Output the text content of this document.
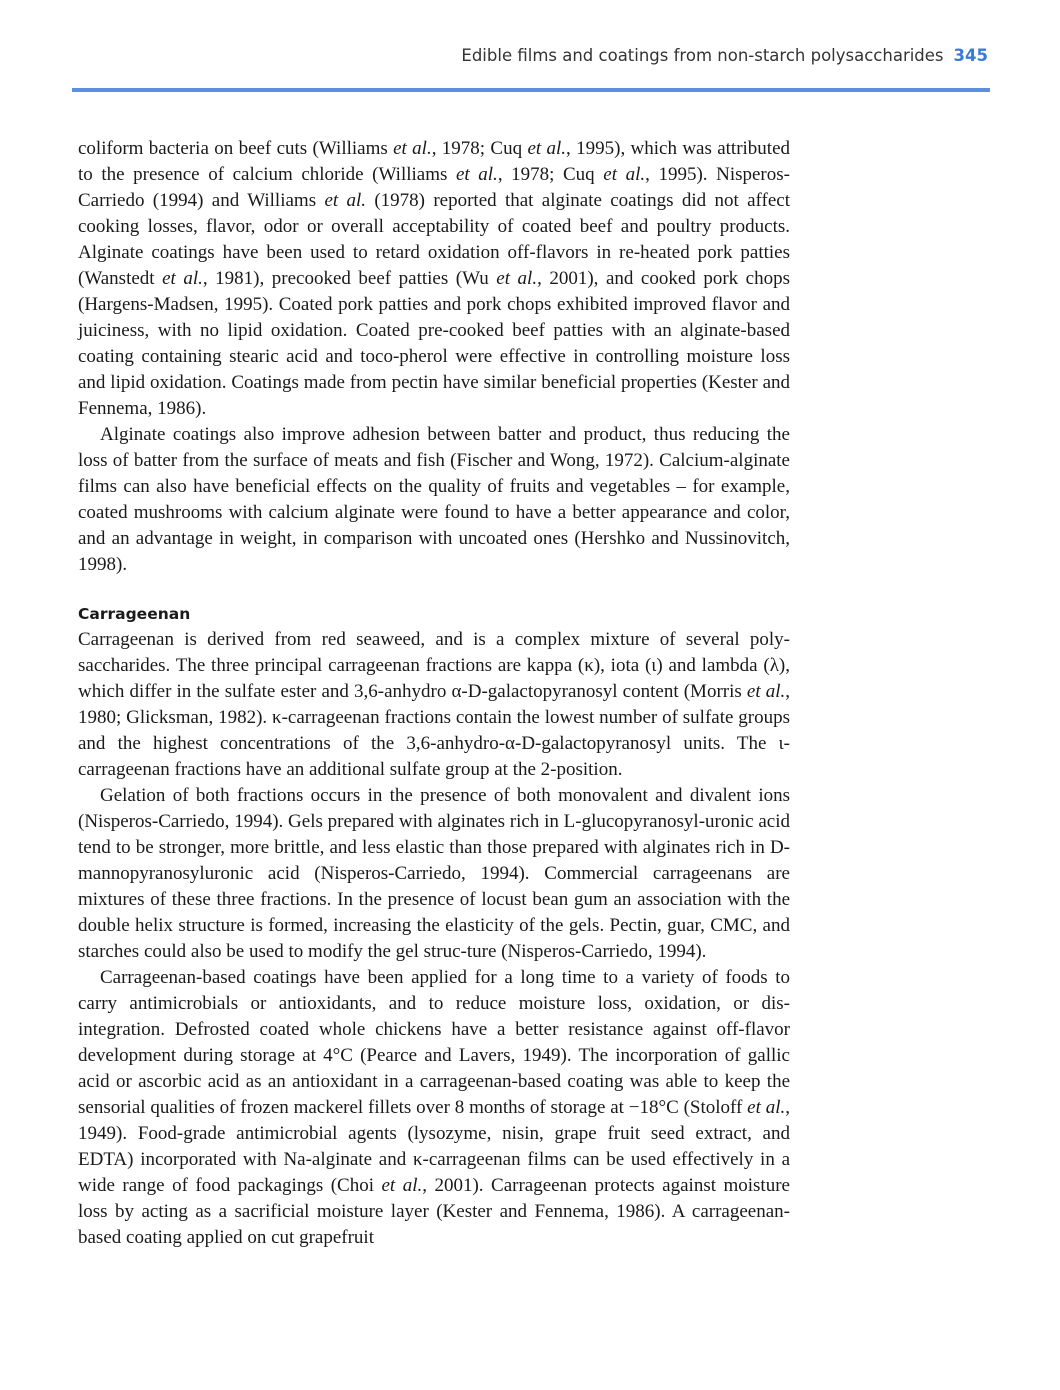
Edible films and coatings from non-starch polysaccharides 345

coliform bacteria on beef cuts (Williams et al., 1978; Cuq et al., 1995), which was attributed to the presence of calcium chloride (Williams et al., 1978; Cuq et al., 1995). Nisperos-Carriedo (1994) and Williams et al. (1978) reported that alginate coatings did not affect cooking losses, flavor, odor or overall acceptability of coated beef and poultry products. Alginate coatings have been used to retard oxidation off-flavors in re-heated pork patties (Wanstedt et al., 1981), precooked beef patties (Wu et al., 2001), and cooked pork chops (Hargens-Madsen, 1995). Coated pork patties and pork chops exhibited improved flavor and juiciness, with no lipid oxidation. Coated pre-cooked beef patties with an alginate-based coating containing stearic acid and toco-pherol were effective in controlling moisture loss and lipid oxidation. Coatings made from pectin have similar beneficial properties (Kester and Fennema, 1986).

Alginate coatings also improve adhesion between batter and product, thus reducing the loss of batter from the surface of meats and fish (Fischer and Wong, 1972). Calcium-alginate films can also have beneficial effects on the quality of fruits and vegetables – for example, coated mushrooms with calcium alginate were found to have a better appearance and color, and an advantage in weight, in comparison with uncoated ones (Hershko and Nussinovitch, 1998).

Carrageenan

Carrageenan is derived from red seaweed, and is a complex mixture of several poly-saccharides. The three principal carrageenan fractions are kappa (κ), iota (ι) and lambda (λ), which differ in the sulfate ester and 3,6-anhydro α-D-galactopyranosyl content (Morris et al., 1980; Glicksman, 1982). κ-carrageenan fractions contain the lowest number of sulfate groups and the highest concentrations of the 3,6-anhydro-α-D-galactopyranosyl units. The ι-carrageenan fractions have an additional sulfate group at the 2-position.

Gelation of both fractions occurs in the presence of both monovalent and divalent ions (Nisperos-Carriedo, 1994). Gels prepared with alginates rich in L-glucopyranosyl-uronic acid tend to be stronger, more brittle, and less elastic than those prepared with alginates rich in D-mannopyranosyluronic acid (Nisperos-Carriedo, 1994). Commercial carrageenans are mixtures of these three fractions. In the presence of locust bean gum an association with the double helix structure is formed, increasing the elasticity of the gels. Pectin, guar, CMC, and starches could also be used to modify the gel struc-ture (Nisperos-Carriedo, 1994).

Carrageenan-based coatings have been applied for a long time to a variety of foods to carry antimicrobials or antioxidants, and to reduce moisture loss, oxidation, or dis-integration. Defrosted coated whole chickens have a better resistance against off-flavor development during storage at 4°C (Pearce and Lavers, 1949). The incorporation of gallic acid or ascorbic acid as an antioxidant in a carrageenan-based coating was able to keep the sensorial qualities of frozen mackerel fillets over 8 months of storage at −18°C (Stoloff et al., 1949). Food-grade antimicrobial agents (lysozyme, nisin, grape fruit seed extract, and EDTA) incorporated with Na-alginate and κ-carrageenan films can be used effectively in a wide range of food packagings (Choi et al., 2001). Carrageenan protects against moisture loss by acting as a sacrificial moisture layer (Kester and Fennema, 1986). A carrageenan-based coating applied on cut grapefruit
